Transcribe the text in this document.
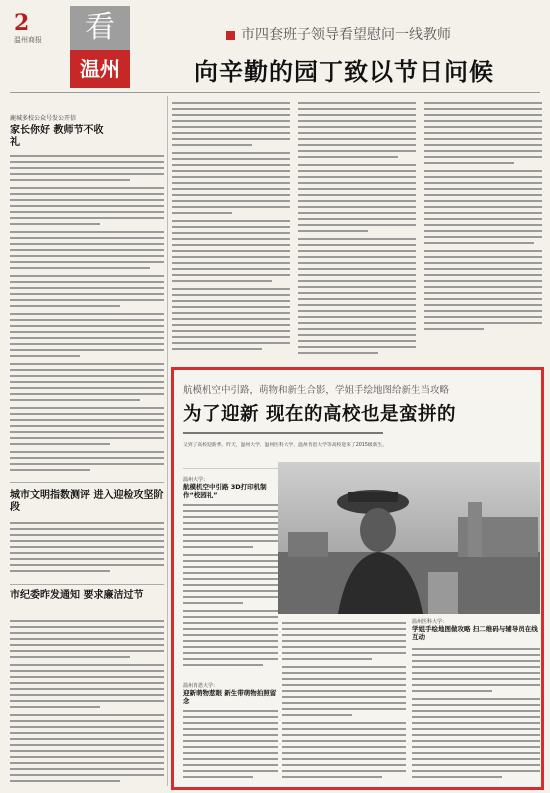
2
温州商报	看
温州
市四套班子领导看望慰问一线教师
向辛勤的园丁致以节日问候
鹿城多校公众号发公开信
家长你好 教师节不收礼
城市文明指数测评 进入迎检攻坚阶段
市纪委昨发通知 要求廉洁过节
航模机空中引路，萌物和新生合影，学姐手绘地图给新生当攻略
为了迎新 现在的高校也是蛮拼的
又到了高校迎新季。昨天，温州大学、温州医科大学、温州肯恩大学等高校迎来了2015级新生。
温州大学：
航模机空中引路 3D打印机制作“校园礼”
温州肯恩大学：
迎新萌物惹眼 新生带萌物拍照留念
温州医科大学：
学姐手绘地图做攻略 扫二维码与辅导员在线互动
